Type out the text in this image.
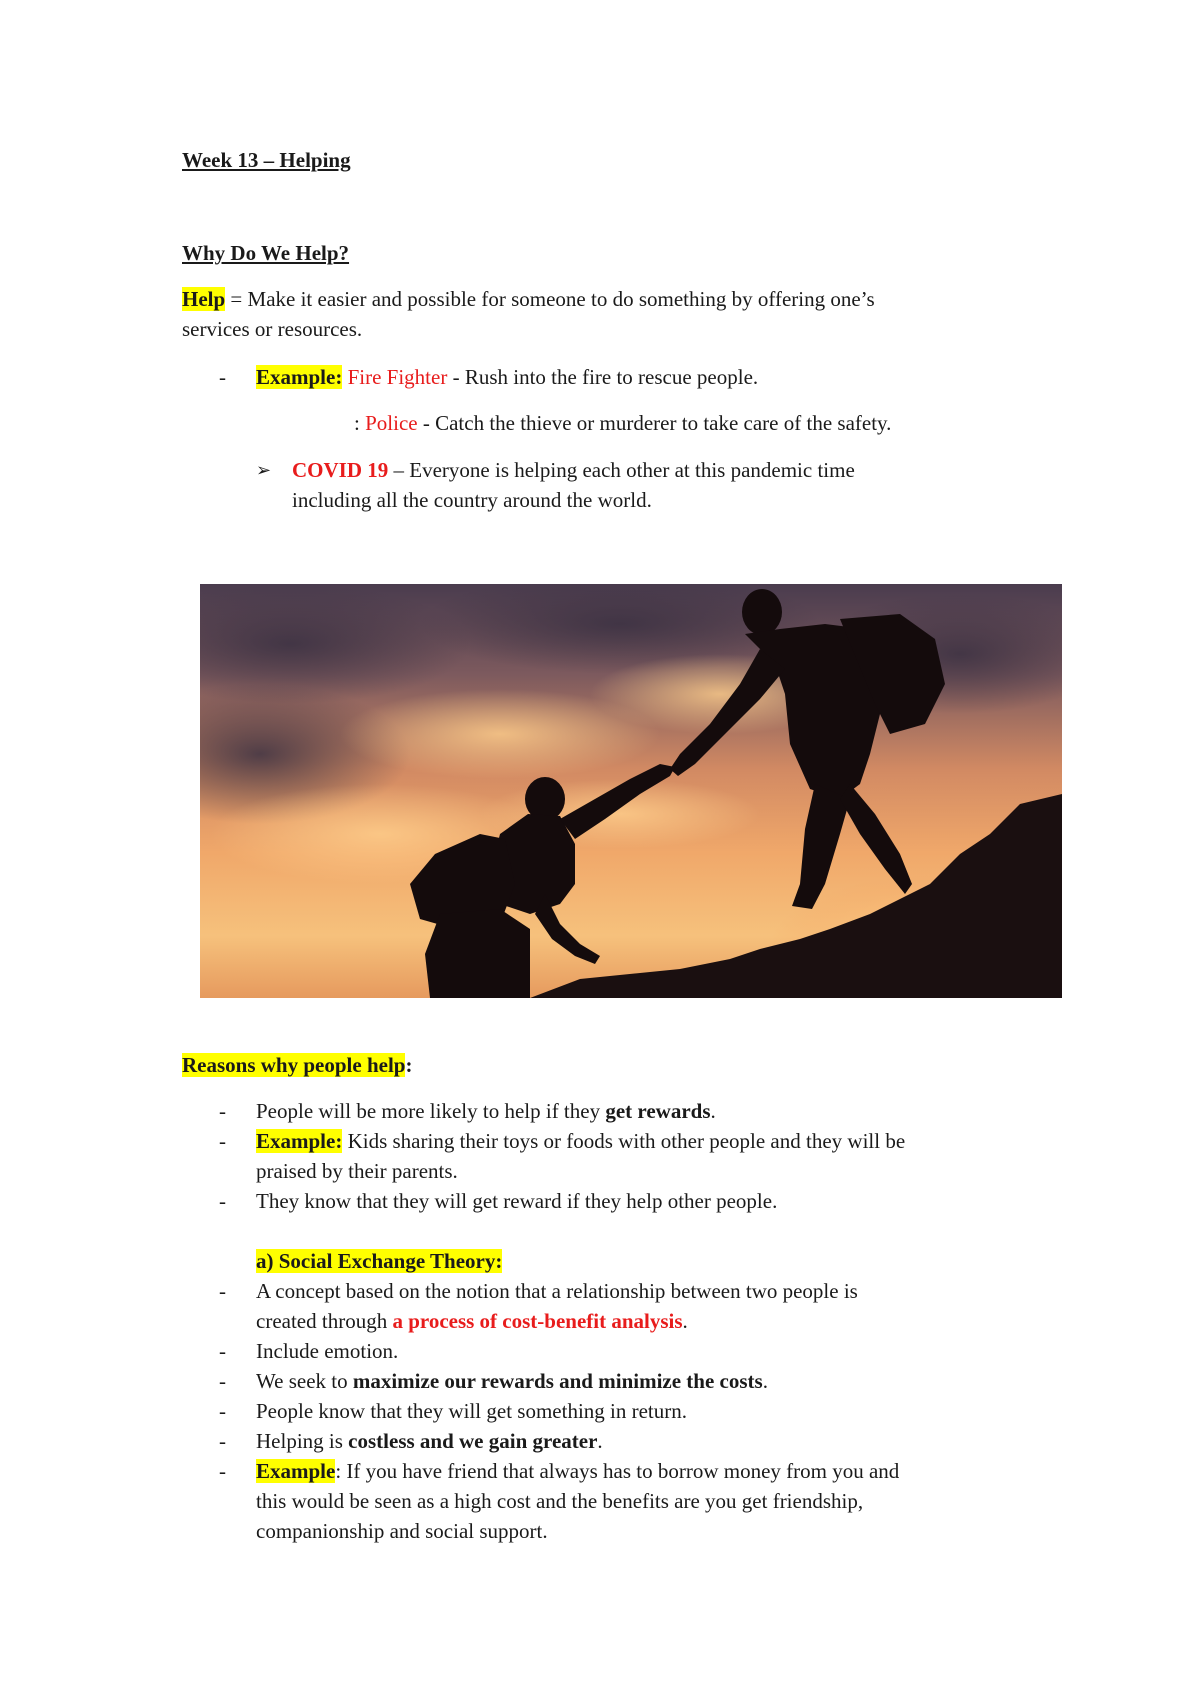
Week 13 – Helping
Why Do We Help?
Help = Make it easier and possible for someone to do something by offering one’s
services or resources.
- Example: Fire Fighter - Rush into the fire to rescue people.
: Police - Catch the thieve or murderer to take care of the safety.
➢ COVID 19 – Everyone is helping each other at this pandemic time
including all the country around the world.
Reasons why people help:
- People will be more likely to help if they get rewards.
- Example: Kids sharing their toys or foods with other people and they will be
praised by their parents.
- They know that they will get reward if they help other people.
a) Social Exchange Theory:
- A concept based on the notion that a relationship between two people is
created through a process of cost-benefit analysis.
- Include emotion.
- We seek to maximize our rewards and minimize the costs.
- People know that they will get something in return.
- Helping is costless and we gain greater.
- Example: If you have friend that always has to borrow money from you and
this would be seen as a high cost and the benefits are you get friendship,
companionship and social support.
